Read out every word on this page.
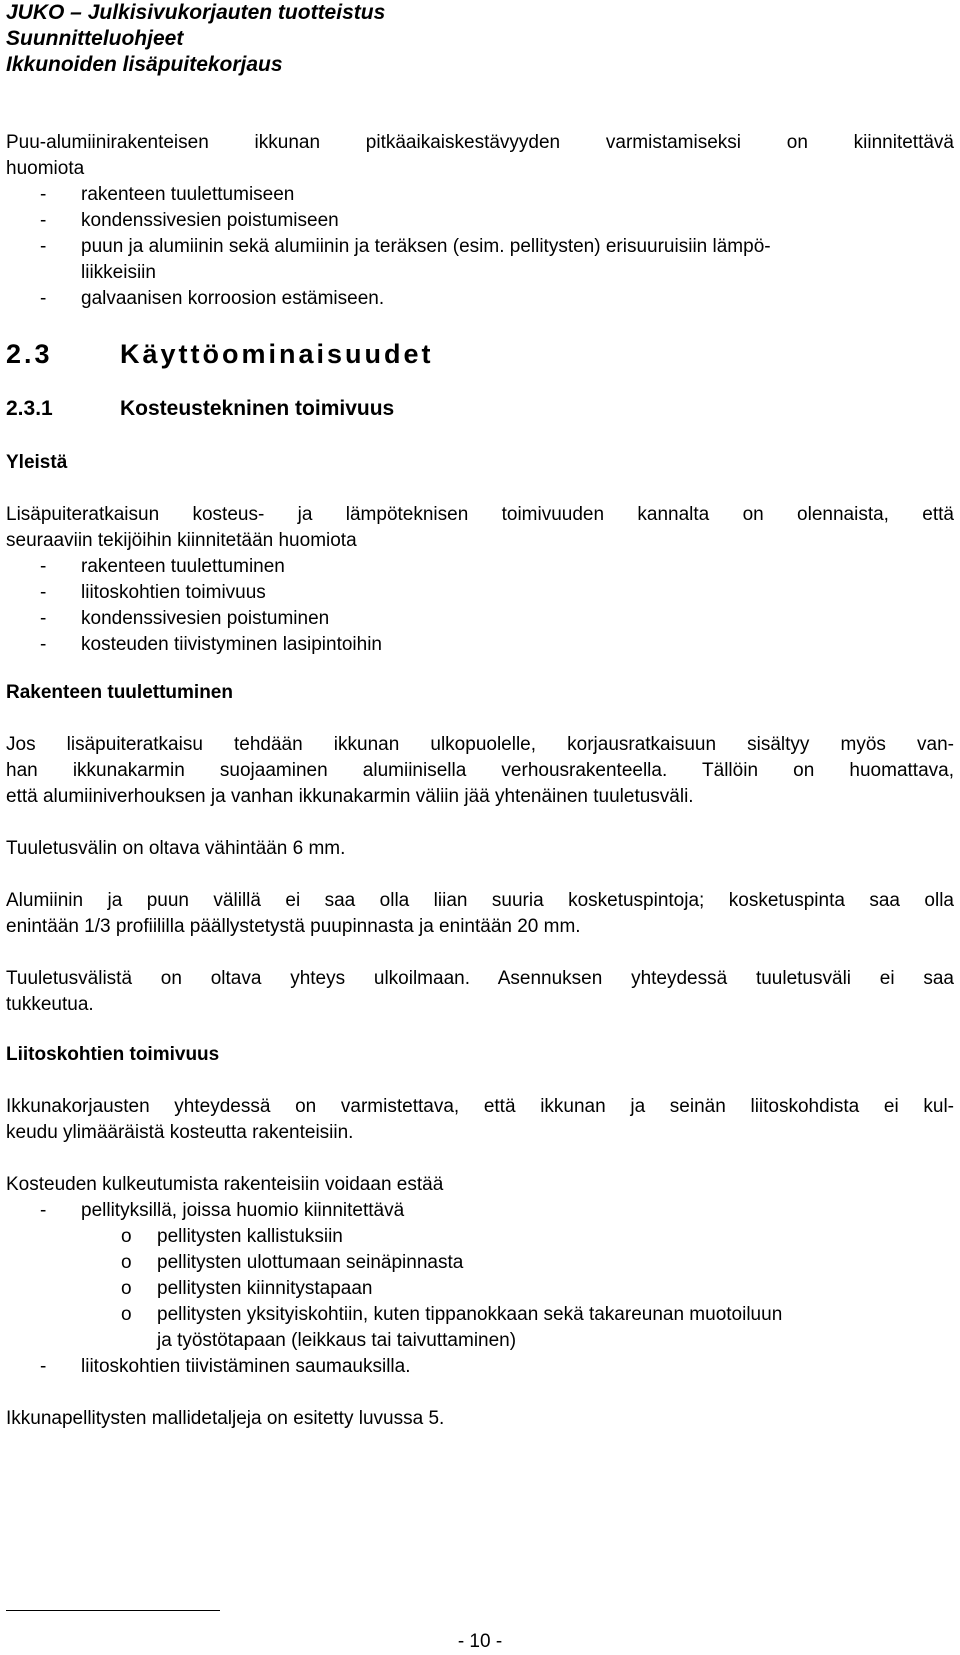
JUKO – Julkisivukorjauten tuotteistus
Suunnitteluohjeet
Ikkunoiden lisäpuitekorjaus
Puu-alumiinirakenteisen ikkunan pitkäaikaiskestävyyden varmistamiseksi on kiinnitettävä
huomiota
- rakenteen tuulettumiseen
- kondenssivesien poistumiseen
- puun ja alumiinin sekä alumiinin ja teräksen (esim. pellitysten) erisuuruisiin lämpö-
liikkeisiin
- galvaanisen korroosion estämiseen.
2.3 Käyttöominaisuudet
2.3.1	Kosteustekninen toimivuus
Yleistä
Lisäpuiteratkaisun kosteus- ja lämpöteknisen toimivuuden kannalta on olennaista, että
seuraaviin tekijöihin kiinnitetään huomiota
- rakenteen tuulettuminen
- liitoskohtien toimivuus
- kondenssivesien poistuminen
- kosteuden tiivistyminen lasipintoihin
Rakenteen tuulettuminen
Jos lisäpuiteratkaisu tehdään ikkunan ulkopuolelle, korjausratkaisuun sisältyy myös van-
han ikkunakarmin suojaaminen alumiinisella verhousrakenteella. Tällöin on huomattava,
että alumiiniverhouksen ja vanhan ikkunakarmin väliin jää yhtenäinen tuuletusväli.
Tuuletusvälin on oltava vähintään 6 mm.
Alumiinin ja puun välillä ei saa olla liian suuria kosketuspintoja; kosketuspinta saa olla
enintään 1/3 profiililla päällystetystä puupinnasta ja enintään 20 mm.
Tuuletusvälistä on oltava yhteys ulkoilmaan. Asennuksen yhteydessä tuuletusväli ei saa
tukkeutua.
Liitoskohtien toimivuus
Ikkunakorjausten yhteydessä on varmistettava, että ikkunan ja seinän liitoskohdista ei kul-
keudu ylimääräistä kosteutta rakenteisiin.
Kosteuden kulkeutumista rakenteisiin voidaan estää
- pellityksillä, joissa huomio kiinnitettävä
o pellitysten kallistuksiin
o pellitysten ulottumaan seinäpinnasta
o pellitysten kiinnitystapaan
o pellitysten yksityiskohtiin, kuten tippanokkaan sekä takareunan muotoiluun
ja työstötapaan (leikkaus tai taivuttaminen)
- liitoskohtien tiivistäminen saumauksilla.
Ikkunapellitysten mallidetaljeja on esitetty luvussa 5.
- 10 -
